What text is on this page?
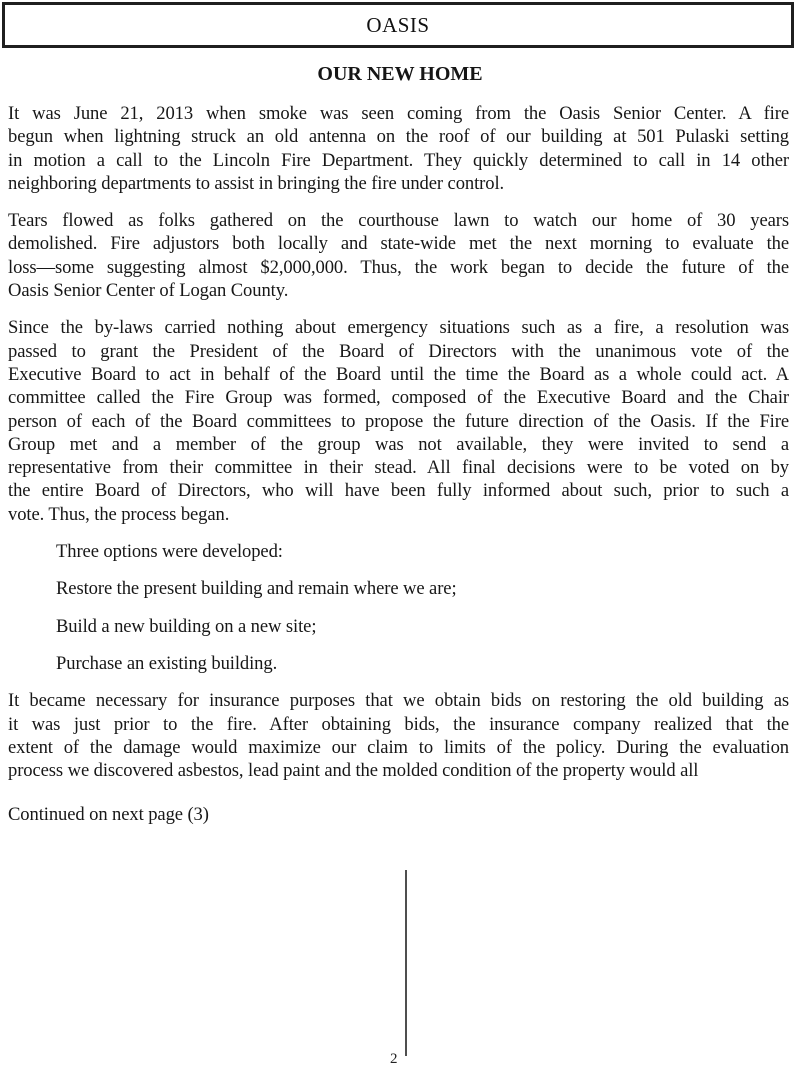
OASIS
OUR NEW HOME
It was June 21, 2013 when smoke was seen coming from the Oasis Senior Center. A fire
begun when lightning struck an old antenna on the roof of our building at 501 Pulaski setting
in motion a call to the Lincoln Fire Department. They quickly determined to call in 14 other
neighboring departments to assist in bringing the fire under control.
Tears flowed as folks gathered on the courthouse lawn to watch our home of 30 years
demolished. Fire adjustors both locally and state-wide met the next morning to evaluate the
loss—some suggesting almost $2,000,000. Thus, the work began to decide the future of the
Oasis Senior Center of Logan County.
Since the by-laws carried nothing about emergency situations such as a fire, a resolution was
passed to grant the President of the Board of Directors with the unanimous vote of the
Executive Board to act in behalf of the Board until the time the Board as a whole could act. A
committee called the Fire Group was formed, composed of the Executive Board and the Chair
person of each of the Board committees to propose the future direction of the Oasis. If the Fire
Group met and a member of the group was not available, they were invited to send a
representative from their committee in their stead. All final decisions were to be voted on by
the entire Board of Directors, who will have been fully informed about such, prior to such a
vote. Thus, the process began.
Three options were developed:
Restore the present building and remain where we are;
Build a new building on a new site;
Purchase an existing building.
It became necessary for insurance purposes that we obtain bids on restoring the old building as
it was just prior to the fire. After obtaining bids, the insurance company realized that the
extent of the damage would maximize our claim to limits of the policy. During the evaluation
process we discovered asbestos, lead paint and the molded condition of the property would all
Continued on next page (3)
2
